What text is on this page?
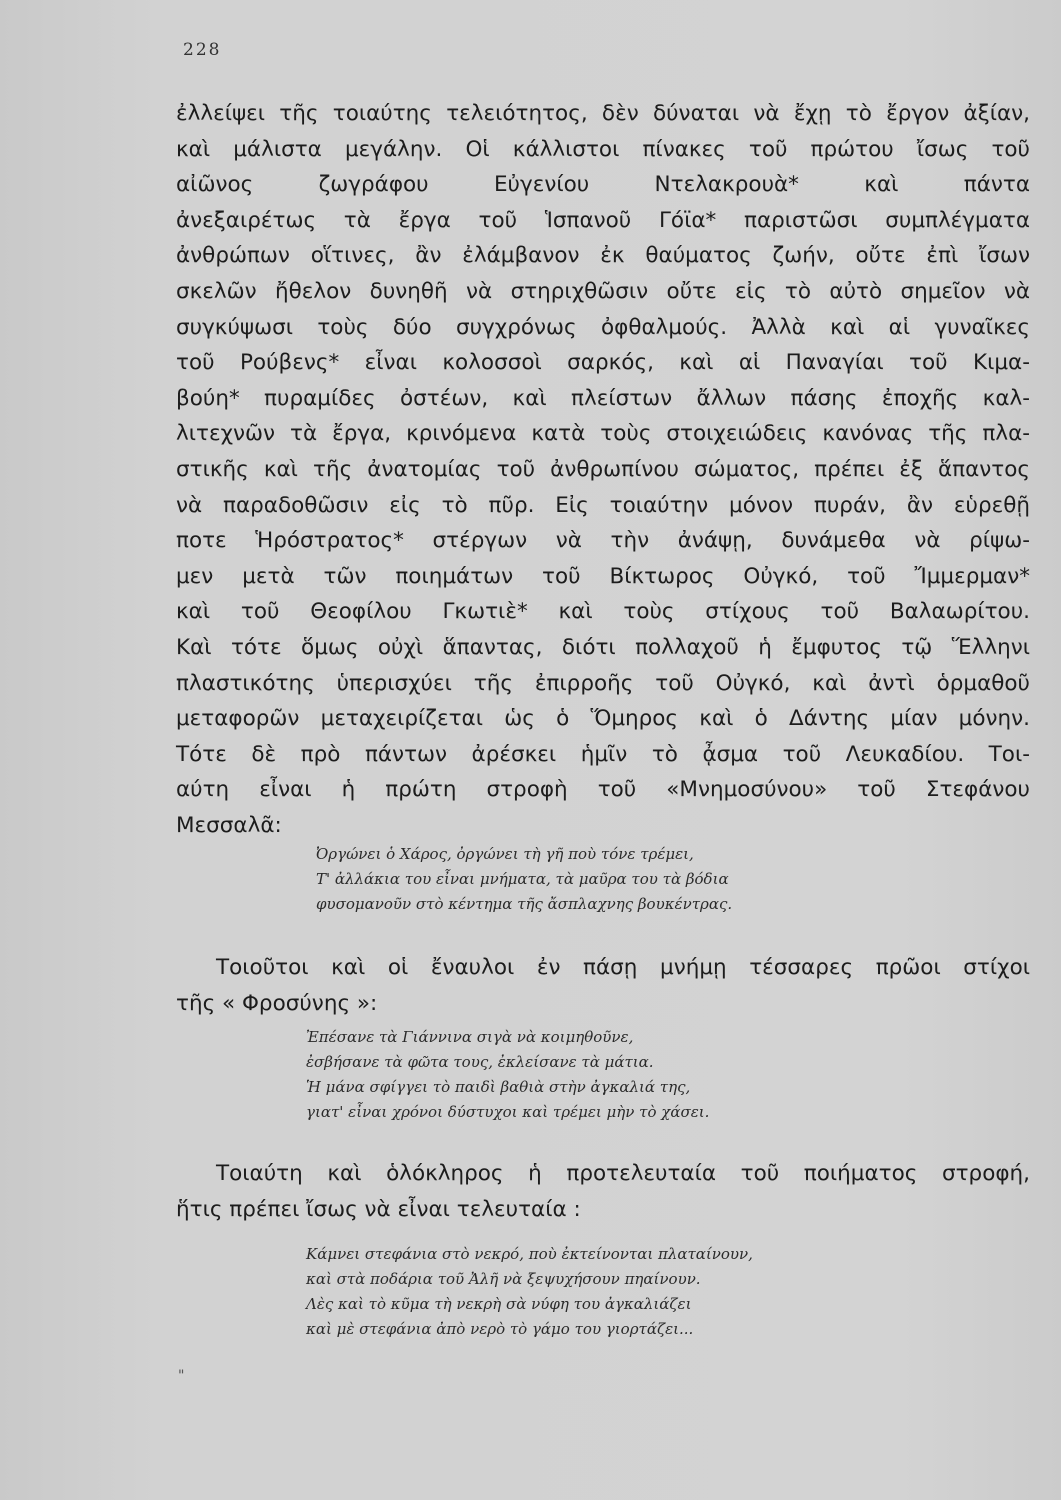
228
ἐλλείψει τῆς τοιαύτης τελειότητος, δὲν δύναται νὰ ἔχῃ τὸ ἔργον ἀξίαν,
καὶ μάλιστα μεγάλην. Οἱ κάλλιστοι πίνακες τοῦ πρώτου ἴσως τοῦ
αἰῶνος ζωγράφου Εὐγενίου Ντελακρουὰ* καὶ πάντα
ἀνεξαιρέτως τὰ ἔργα τοῦ Ἱσπανοῦ Γόϊα* παριστῶσι συμπλέγματα
ἀνθρώπων οἵτινες, ἂν ἐλάμβανον ἐκ θαύματος ζωήν, οὔτε ἐπὶ ἴσων
σκελῶν ἤθελον δυνηθῆ νὰ στηριχθῶσιν οὔτε εἰς τὸ αὐτὸ σημεῖον νὰ
συγκύψωσι τοὺς δύο συγχρόνως ὀφθαλμούς. Ἀλλὰ καὶ αἱ γυναῖκες
τοῦ Ρούβενς* εἶναι κολοσσοὶ σαρκός, καὶ αἱ Παναγίαι τοῦ Κιμα-
βούη* πυραμίδες ὀστέων, καὶ πλείστων ἄλλων πάσης ἐποχῆς καλ-
λιτεχνῶν τὰ ἔργα, κρινόμενα κατὰ τοὺς στοιχειώδεις κανόνας τῆς πλα-
στικῆς καὶ τῆς ἀνατομίας τοῦ ἀνθρωπίνου σώματος, πρέπει ἐξ ἅπαντος
νὰ παραδοθῶσιν εἰς τὸ πῦρ. Εἰς τοιαύτην μόνον πυράν, ἂν εὑρεθῇ
ποτε Ἡρόστρατος* στέργων νὰ τὴν ἀνάψῃ, δυνάμεθα νὰ ρίψω-
μεν μετὰ τῶν ποιημάτων τοῦ Βίκτωρος Οὐγκό, τοῦ Ἴμμερμαν*
καὶ τοῦ Θεοφίλου Γκωτιὲ* καὶ τοὺς στίχους τοῦ Βαλαωρίτου.
Καὶ τότε ὅμως οὐχὶ ἅπαντας, διότι πολλαχοῦ ἡ ἔμφυτος τῷ Ἕλληνι
πλαστικότης ὑπερισχύει τῆς ἐπιρροῆς τοῦ Οὐγκό, καὶ ἀντὶ ὁρμαθοῦ
μεταφορῶν μεταχειρίζεται ὡς ὁ Ὅμηρος καὶ ὁ Δάντης μίαν μόνην.
Τότε δὲ πρὸ πάντων ἀρέσκει ἡμῖν τὸ ᾆσμα τοῦ Λευκαδίου. Τοι-
αύτη εἶναι ἡ πρώτη στροφὴ τοῦ «Μνημοσύνου» τοῦ Στεφάνου
Μεσσαλᾶ:
Ὀργώνει ὁ Χάρος, ὀργώνει τὴ γῆ ποὺ τόνε τρέμει,
Τ' ἀλλάκια του εἶναι μνήματα, τὰ μαῦρα του τὰ βόδια
φυσομανοῦν στὸ κέντημα τῆς ἄσπλαχνης βουκέντρας.
Τοιοῦτοι καὶ οἱ ἔναυλοι ἐν πάσῃ μνήμῃ τέσσαρες πρῶοι στίχοι
τῆς « Φροσύνης »:
Ἐπέσανε τὰ Γιάννινα σιγὰ νὰ κοιμηθοῦνε,
ἐσβήσανε τὰ φῶτα τους, ἐκλείσανε τὰ μάτια.
Ἡ μάνα σφίγγει τὸ παιδὶ βαθιὰ στὴν ἀγκαλιά της,
γιατ' εἶναι χρόνοι δύστυχοι καὶ τρέμει μὴν τὸ χάσει.
Τοιαύτη καὶ ὁλόκληρος ἡ προτελευταία τοῦ ποιήματος στροφή,
ἥτις πρέπει ἴσως νὰ εἶναι τελευταία :
Κάμνει στεφάνια στὸ νεκρό, ποὺ ἐκτείνονται πλαταίνουν,
καὶ στὰ ποδάρια τοῦ Ἀλῆ νὰ ξεψυχήσουν πηαίνουν.
Λὲς καὶ τὸ κῦμα τὴ νεκρὴ σὰ νύφη του ἀγκαλιάζει
καὶ μὲ στεφάνια ἀπὸ νερὸ τὸ γάμο του γιορτάζει...
"
